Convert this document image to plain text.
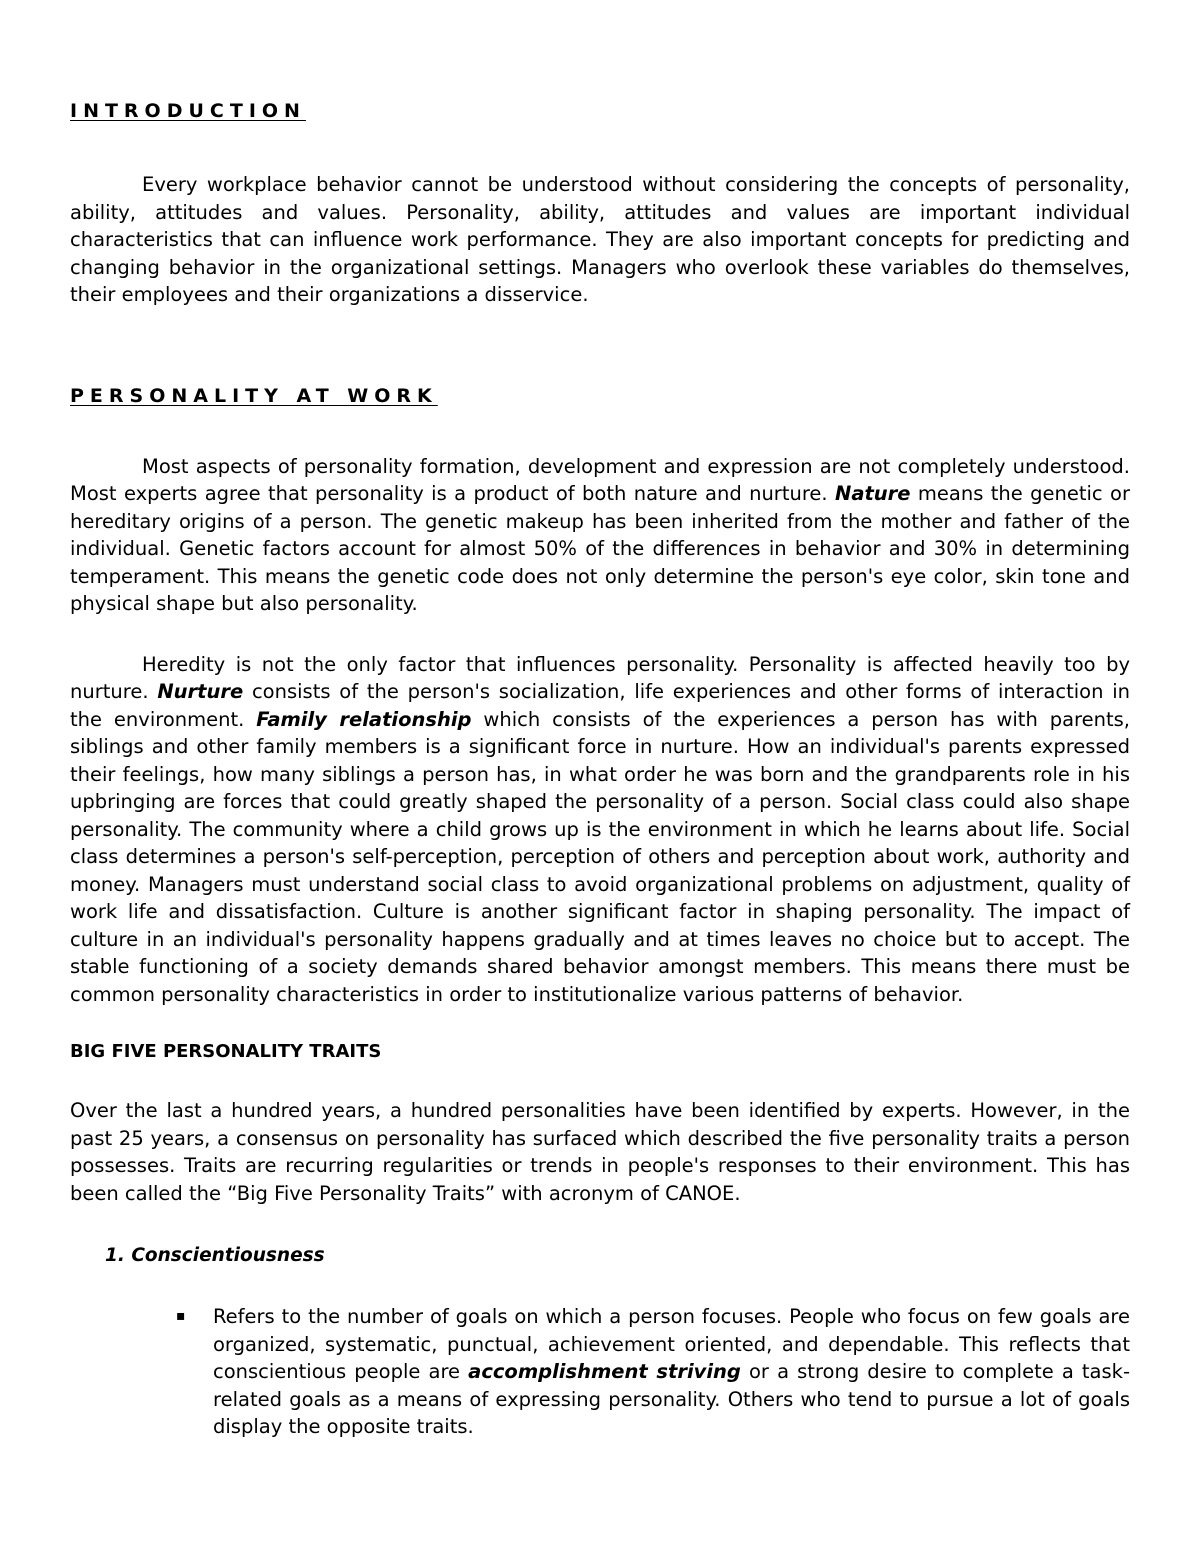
INTRODUCTION

Every workplace behavior cannot be understood without considering the concepts of personality, ability, attitudes and values. Personality, ability, attitudes and values are important individual characteristics that can influence work performance. They are also important concepts for predicting and changing behavior in the organizational settings. Managers who overlook these variables do themselves, their employees and their organizations a disservice.

PERSONALITY AT WORK

Most aspects of personality formation, development and expression are not completely understood. Most experts agree that personality is a product of both nature and nurture. Nature means the genetic or hereditary origins of a person. The genetic makeup has been inherited from the mother and father of the individual. Genetic factors account for almost 50% of the differences in behavior and 30% in determining temperament. This means the genetic code does not only determine the person's eye color, skin tone and physical shape but also personality.

Heredity is not the only factor that influences personality. Personality is affected heavily too by nurture. Nurture consists of the person's socialization, life experiences and other forms of interaction in the environment. Family relationship which consists of the experiences a person has with parents, siblings and other family members is a significant force in nurture. How an individual's parents expressed their feelings, how many siblings a person has, in what order he was born and the grandparents role in his upbringing are forces that could greatly shaped the personality of a person. Social class could also shape personality. The community where a child grows up is the environment in which he learns about life. Social class determines a person's self-perception, perception of others and perception about work, authority and money. Managers must understand social class to avoid organizational problems on adjustment, quality of work life and dissatisfaction. Culture is another significant factor in shaping personality. The impact of culture in an individual's personality happens gradually and at times leaves no choice but to accept. The stable functioning of a society demands shared behavior amongst members. This means there must be common personality characteristics in order to institutionalize various patterns of behavior.

BIG FIVE PERSONALITY TRAITS

Over the last a hundred years, a hundred personalities have been identified by experts. However, in the past 25 years, a consensus on personality has surfaced which described the five personality traits a person possesses. Traits are recurring regularities or trends in people's responses to their environment. This has been called the “Big Five Personality Traits” with acronym of CANOE.

1. Conscientiousness
▪ Refers to the number of goals on which a person focuses. People who focus on few goals are organized, systematic, punctual, achievement oriented, and dependable. This reflects that conscientious people are accomplishment striving or a strong desire to complete a task-related goals as a means of expressing personality. Others who tend to pursue a lot of goals display the opposite traits.
